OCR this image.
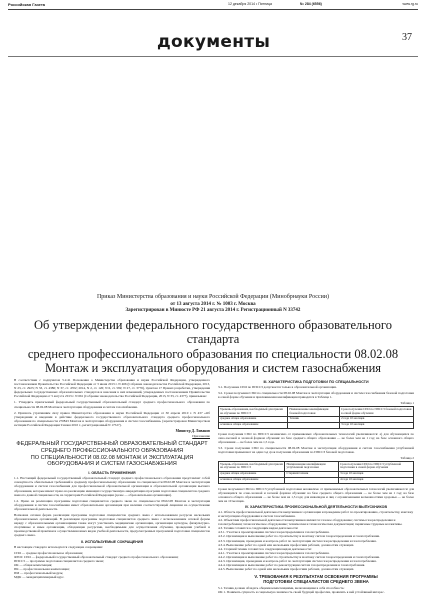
Российская Газета	12 декабря 2014 • Пятница	№ 284 (6556)	www.rg.ru
документы	37
Приказ Министерства образования и науки Российской Федерации (Минобрнауки России)
от 13 августа 2014 г. № 1003 г. Москва
Зарегистрирован в Минюсте РФ 21 августа 2014 г. Регистрационный N 33742
Об утверждении федерального государственного образовательного стандарта
среднего профессионального образования по специальности 08.02.08
Монтаж и эксплуатация оборудования и систем газоснабжения

В соответствии с подпунктом 5.2.41 Положения о Министерстве образования и науки Российской Федерации, утвержденного постановлением Правительства Российской Федерации от 3 июня 2013 г. N 466 (Собрание законодательства Российской Федерации, 2013, N 23, ст. 2923; N 33, ст. 4386; N 37, ст. 4702; 2014, N 2, ст. 126; N 6, ст. 582; N 27, ст. 3776), пунктом 17 Правил разработки, утверждения федеральных государственных образовательных стандартов и внесения в них изменений, утвержденных постановлением Правительства Российской Федерации от 5 августа 2013 г. N 661 (Собрание законодательства Российской Федерации, 2013, N 33, ст. 4377), приказываю:

1. Утвердить прилагаемый федеральный государственный образовательный стандарт среднего профессионального образования по специальности 08.02.08 Монтаж и эксплуатация оборудования и систем газоснабжения.

2. Признать утратившим силу приказ Министерства образования и науки Российской Федерации от 30 апреля 2010 г. N 437 «Об утверждении и введении в действие федерального государственного образовательного стандарта среднего профессионального образования по специальности 270843 Монтаж и эксплуатация оборудования и систем газоснабжения» (зарегистрирован Министерством юстиции Российской Федерации 9 июня 2010 г., регистрационный N 17527).

Министр Д. Ливанов
Приложение
ФЕДЕРАЛЬНЫЙ ГОСУДАРСТВЕННЫЙ ОБРАЗОВАТЕЛЬНЫЙ СТАНДАРТ
СРЕДНЕГО ПРОФЕССИОНАЛЬНОГО ОБРАЗОВАНИЯ
ПО СПЕЦИАЛЬНОСТИ 08.02.08 МОНТАЖ И ЭКСПЛУАТАЦИЯ
ОБОРУДОВАНИЯ И СИСТЕМ ГАЗОСНАБЖЕНИЯ
I. ОБЛАСТЬ ПРИМЕНЕНИЯ

1.1. Настоящий федеральный государственный образовательный стандарт среднего профессионального образования представляет собой совокупность обязательных требований к среднему профессиональному образованию по специальности 08.02.08 Монтаж и эксплуатация оборудования и систем газоснабжения для профессиональной образовательной организации и образовательной организации высшего образования, которые имеют право на реализацию имеющих государственную аккредитацию программ подготовки специалистов среднего звена по данной специальности, на территории Российской Федерации (далее — образовательная организация).

1.2. Право на реализацию программы подготовки специалистов среднего звена по специальности 08.02.08 Монтаж и эксплуатация оборудования и систем газоснабжения имеет образовательная организация при наличии соответствующей лицензии на осуществление образовательной деятельности.

Возможна сетевая форма реализации программы подготовки специалистов среднего звена с использованием ресурсов нескольких образовательных организаций. В реализации программы подготовки специалистов среднего звена с использованием сетевой формы наряду с образовательными организациями также могут участвовать медицинские организации, организации культуры, физкультурно-спортивные и иные организации, обладающие ресурсами, необходимыми для осуществления обучения, проведения учебной и производственной практики и осуществления иных видов учебной деятельности, предусмотренных программой подготовки специалистов среднего звена.

II. ИСПОЛЬЗУЕМЫЕ СОКРАЩЕНИЯ

В настоящем стандарте используются следующие сокращения:

СПО — среднее профессиональное образование;
ФГОС СПО — федеральный государственный образовательный стандарт среднего профессионального образования;
ППССЗ — программа подготовки специалистов среднего звена;
ОК — общая компетенция;
ПК — профессиональная компетенция;
ПМ — профессиональный модуль;
МДК — междисциплинарный курс.
III. ХАРАКТЕРИСТИКА ПОДГОТОВКИ ПО СПЕЦИАЛЬНОСТИ

3.1. Получение СПО по ППССЗ допускается только в образовательной организации.

3.2. Сроки получения СПО по специальности 08.02.08 Монтаж и эксплуатация оборудования и систем газоснабжения базовой подготовки в очной форме обучения и присваиваемая квалификация приводятся в Таблице 1.

Таблица 1
Уровень образования, необходимый для приема на обучение по ППССЗ	Наименование квалификации базовой подготовки	Срок получения СПО по ППССЗ базовой подготовки в очной форме обучения
среднее общее образование	Техник	2 года 10 месяцев
основное общее образование		3 года 10 месяцев

Сроки получения СПО по ППССЗ независимо от применяемых образовательных технологий увеличиваются: а) для обучающихся по очно-заочной и заочной формам обучения: на базе среднего общего образования — не более чем на 1 год; на базе основного общего образования — не более чем на 1,5 года.

3.3. Сроки получения СПО по специальности 08.02.08 Монтаж и эксплуатация оборудования и систем газоснабжения углубленной подготовки превышают на один год срок получения образования по ППССЗ базовой подготовки.

Таблица 2
Уровень образования, необходимый для приема на обучение по ППССЗ	Наименование квалификации углубленной подготовки	Срок получения СПО по ППССЗ углубленной подготовки в очной форме обучения
среднее общее образование	Старший техник	3 года 10 месяцев
основное общее образование		4 года 10 месяцев

Сроки получения СПО по ППССЗ углубленной подготовки независимо от применяемых образовательных технологий увеличиваются: для обучающихся по очно-заочной и заочной формам обучения: на базе среднего общего образования — не более чем на 1 год; на базе основного общего образования — не более чем на 1,5 года; для инвалидов и лиц с ограниченными возможностями здоровья — не более чем на 10 месяцев.

IV. ХАРАКТЕРИСТИКА ПРОФЕССИОНАЛЬНОЙ ДЕЯТЕЛЬНОСТИ ВЫПУСКНИКОВ
4.1. Область профессиональной деятельности выпускников: организация и проведение работ по проектированию, строительству, монтажу и эксплуатации оборудования и систем газоснабжения.
4.2. Объектами профессиональной деятельности выпускников являются: газовое оборудование; системы газораспределения и газопотребления; технологическое оборудование; техническая и технологическая документация; первичные трудовые коллективы.
4.3. Техник готовится к следующим видам деятельности:
4.3.1. Участие в проектировании систем газораспределения и газопотребления.
4.3.2. Организация и выполнение работ по строительству и монтажу систем газораспределения и газопотребления.
4.3.3. Организация, проведение и контроль работ по эксплуатации систем газораспределения и газопотребления.
4.3.4. Выполнение работ по одной или нескольким профессиям рабочих, должностям служащих.
4.4. Старший техник готовится к следующим видам деятельности:
4.4.1. Участие в проектировании систем газораспределения и газопотребления.
4.4.2. Организация и выполнение работ по строительству и монтажу систем газораспределения и газопотребления.
4.4.3. Организация, проведение и контроль работ по эксплуатации систем газораспределения и газопотребления.
4.4.4. Организация и выполнение работ по реконструкции систем газораспределения и газопотребления.
4.4.5. Выполнение работ по одной или нескольким профессиям рабочих, должностям служащих.
V. ТРЕБОВАНИЯ К РЕЗУЛЬТАТАМ ОСВОЕНИЯ ПРОГРАММЫ
ПОДГОТОВКИ СПЕЦИАЛИСТОВ СРЕДНЕГО ЗВЕНА
5.1. Техник должен обладать общими компетенциями, включающими в себя способность:
ОК 1. Понимать сущность и социальную значимость своей будущей профессии, проявлять к ней устойчивый интерес.
